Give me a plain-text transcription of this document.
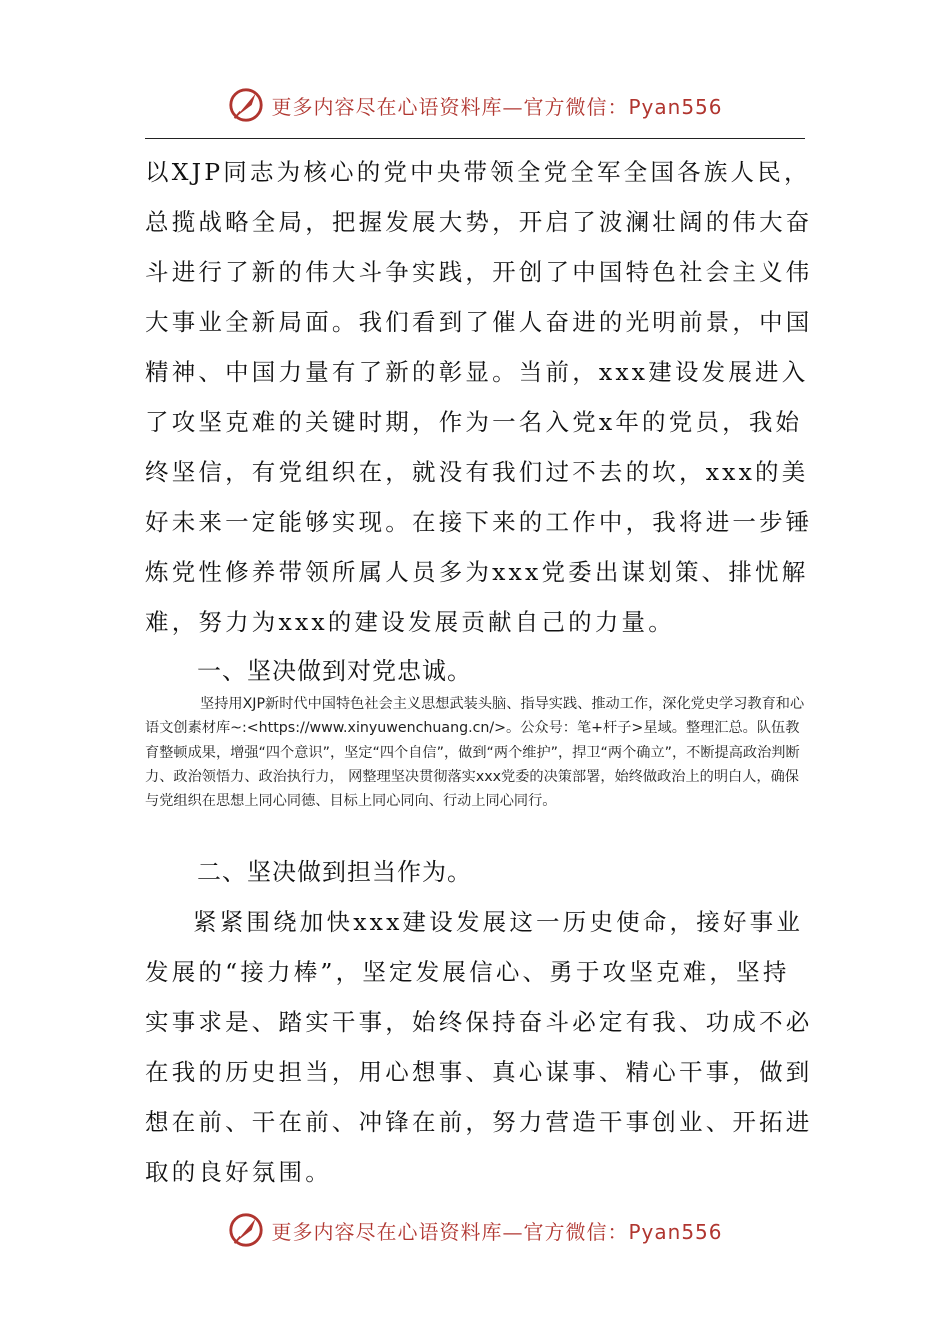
更多内容尽在心语资料库—官方微信：Pyan556

以XJP同志为核心的党中央带领全党全军全国各族人民，总揽战略全局，把握发展大势，开启了波澜壮阔的伟大奋斗进行了新的伟大斗争实践，开创了中国特色社会主义伟大事业全新局面。我们看到了催人奋进的光明前景，中国精神、中国力量有了新的彰显。当前，xxx建设发展进入了攻坚克难的关键时期，作为一名入党x年的党员，我始终坚信，有党组织在，就没有我们过不去的坎，xxx的美好未来一定能够实现。在接下来的工作中，我将进一步锤炼党性修养带领所属人员多为xxx党委出谋划策、排忧解难，努力为xxx的建设发展贡献自己的力量。

一、坚决做到对党忠诚。

坚持用XJP新时代中国特色社会主义思想武装头脑、指导实践、推动工作，深化党史学习教育和心语文创素材库~:<https://www.xinyuwenchuang.cn/>。公众号：笔+杆子>星域。整理汇总。队伍教育整顿成果，增强“四个意识”，坚定“四个自信”，做到“两个维护”，捍卫“两个确立”，不断提高政治判断力、政治领悟力、政治执行力， 网整理坚决贯彻落实xxx党委的决策部署，始终做政治上的明白人，确保与党组织在思想上同心同德、目标上同心同向、行动上同心同行。

二、坚决做到担当作为。

紧紧围绕加快xxx建设发展这一历史使命，接好事业发展的“接力棒”，坚定发展信心、勇于攻坚克难，坚持实事求是、踏实干事，始终保持奋斗必定有我、功成不必在我的历史担当，用心想事、真心谋事、精心干事，做到想在前、干在前、冲锋在前，努力营造干事创业、开拓进取的良好氛围。

更多内容尽在心语资料库—官方微信：Pyan556
